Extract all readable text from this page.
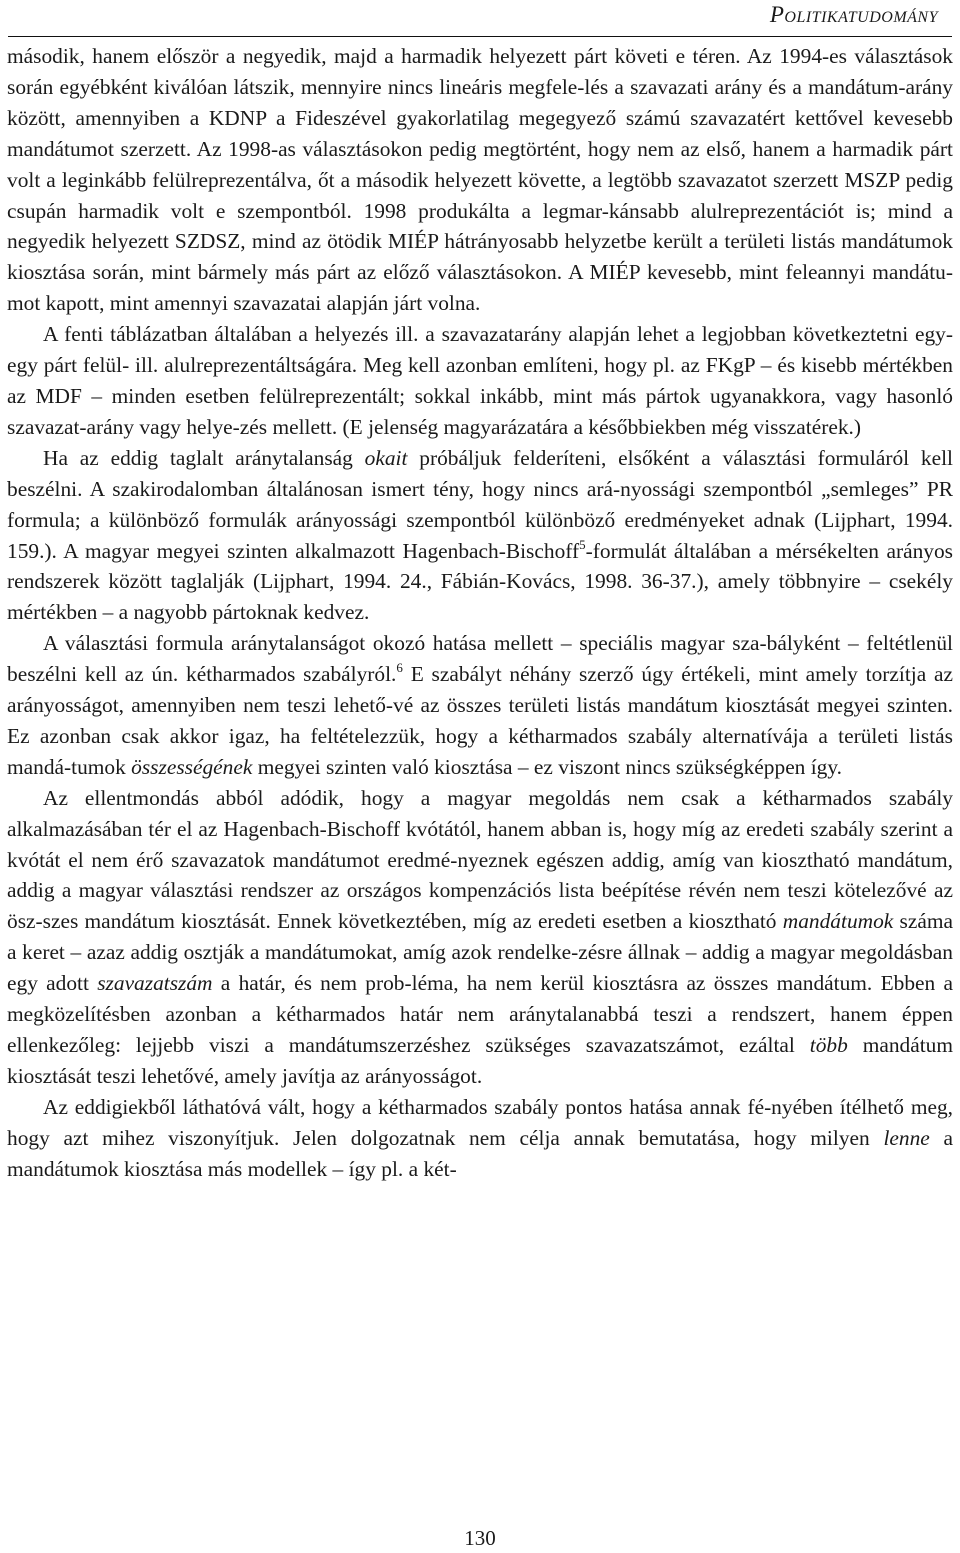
Politikatudomány

második, hanem először a negyedik, majd a harmadik helyezett párt követi e téren. Az 1994-es választások során egyébként kiválóan látszik, mennyire nincs lineáris megfele-lés a szavazati arány és a mandátum-arány között, amennyiben a KDNP a Fideszével gyakorlatilag megegyező számú szavazatért kettővel kevesebb mandátumot szerzett. Az 1998-as választásokon pedig megtörtént, hogy nem az első, hanem a harmadik párt volt a leginkább felülreprezentálva, őt a második helyezett követte, a legtöbb szavazatot szerzett MSZP pedig csupán harmadik volt e szempontból. 1998 produkálta a legmar-kánsabb alulreprezentációt is; mind a negyedik helyezett SZDSZ, mind az ötödik MIÉP hátrányosabb helyzetbe került a területi listás mandátumok kiosztása során, mint bármely más párt az előző választásokon. A MIÉP kevesebb, mint feleannyi mandátu-mot kapott, mint amennyi szavazatai alapján járt volna.

A fenti táblázatban általában a helyezés ill. a szavazatarány alapján lehet a legjobban következtetni egy-egy párt felül- ill. alulreprezentáltságára. Meg kell azonban említeni, hogy pl. az FKgP – és kisebb mértékben az MDF – minden esetben felülreprezentált; sokkal inkább, mint más pártok ugyanakkora, vagy hasonló szavazat-arány vagy helye-zés mellett. (E jelenség magyarázatára a későbbiekben még visszatérek.)

Ha az eddig taglalt aránytalanság okait próbáljuk felderíteni, elsőként a választási formuláról kell beszélni. A szakirodalomban általánosan ismert tény, hogy nincs ará-nyossági szempontból „semleges” PR formula; a különböző formulák arányossági szempontból különböző eredményeket adnak (Lijphart, 1994. 159.). A magyar megyei szinten alkalmazott Hagenbach-Bischoff$^5$-formulát általában a mérsékelten arányos rendszerek között taglalják (Lijphart, 1994. 24., Fábián-Kovács, 1998. 36-37.), amely többnyire – csekély mértékben – a nagyobb pártoknak kedvez.

A választási formula aránytalanságot okozó hatása mellett – speciális magyar sza-bályként – feltétlenül beszélni kell az ún. kétharmados szabályról.$^6$ E szabályt néhány szerző úgy értékeli, mint amely torzítja az arányosságot, amennyiben nem teszi lehető-vé az összes területi listás mandátum kiosztását megyei szinten. Ez azonban csak akkor igaz, ha feltételezzük, hogy a kétharmados szabály alternatívája a területi listás mandá-tumok összességének megyei szinten való kiosztása – ez viszont nincs szükségképpen így.

Az ellentmondás abból adódik, hogy a magyar megoldás nem csak a kétharmados szabály alkalmazásában tér el az Hagenbach-Bischoff kvótától, hanem abban is, hogy míg az eredeti szabály szerint a kvótát el nem érő szavazatok mandátumot eredmé-nyeznek egészen addig, amíg van kiosztható mandátum, addig a magyar választási rendszer az országos kompenzációs lista beépítése révén nem teszi kötelezővé az ösz-szes mandátum kiosztását. Ennek következtében, míg az eredeti esetben a kiosztható mandátumok száma a keret – azaz addig osztják a mandátumokat, amíg azok rendelke-zésre állnak – addig a magyar megoldásban egy adott szavazatszám a határ, és nem prob-léma, ha nem kerül kiosztásra az összes mandátum. Ebben a megközelítésben azonban a kétharmados határ nem aránytalanabbá teszi a rendszert, hanem éppen ellenkezőleg: lejjebb viszi a mandátumszerzéshez szükséges szavazatszámot, ezáltal több mandátum kiosztását teszi lehetővé, amely javítja az arányosságot.

Az eddigiekből láthatóvá vált, hogy a kétharmados szabály pontos hatása annak fé-nyében ítélhető meg, hogy azt mihez viszonyítjuk. Jelen dolgozatnak nem célja annak bemutatása, hogy milyen lenne a mandátumok kiosztása más modellek – így pl. a két-

130
